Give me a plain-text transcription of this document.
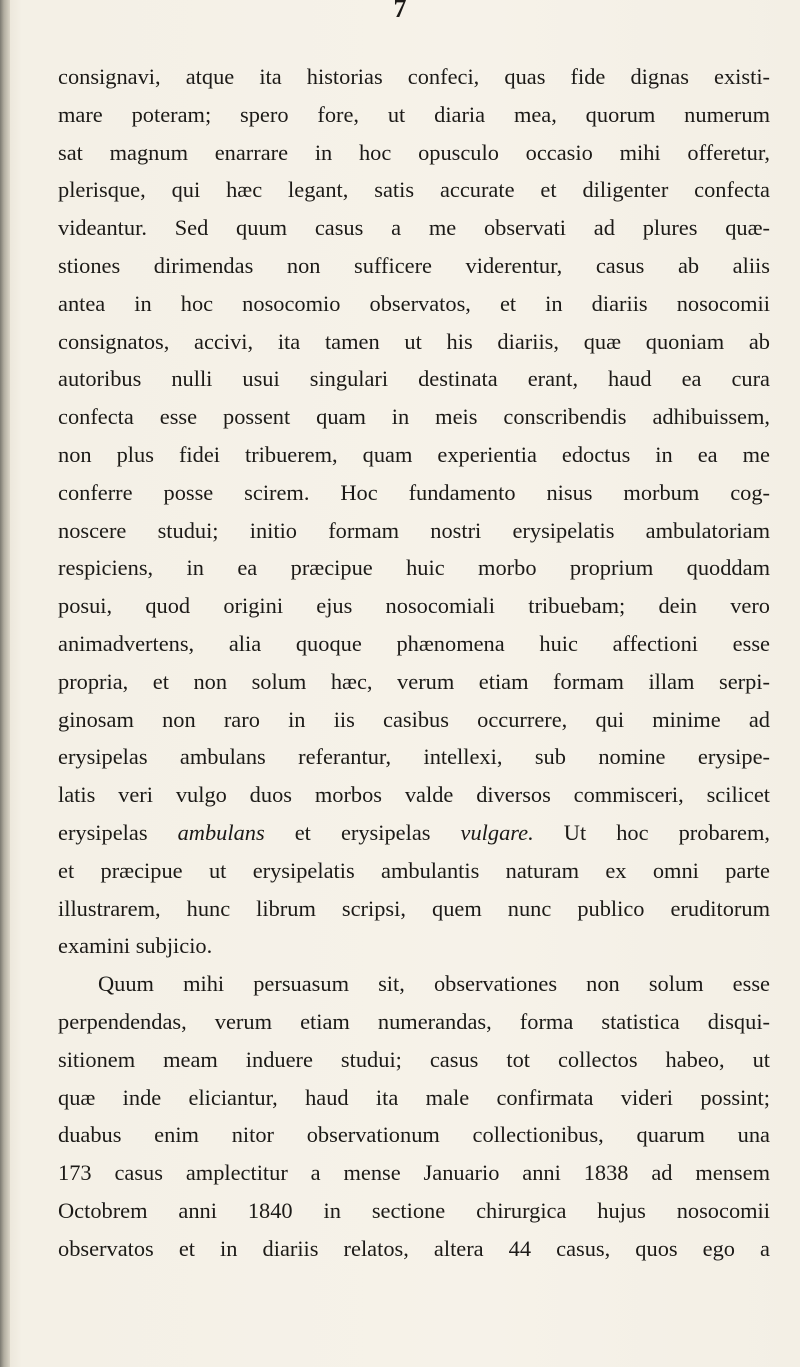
7
consignavi, atque ita historias confeci, quas fide dignas existi-
mare poteram; spero fore, ut diaria mea, quorum numerum
sat magnum enarrare in hoc opusculo occasio mihi offeretur,
plerisque, qui hæc legant, satis accurate et diligenter confecta
videantur. Sed quum casus a me observati ad plures quæ-
stiones dirimendas non sufficere viderentur, casus ab aliis
antea in hoc nosocomio observatos, et in diariis nosocomii
consignatos, accivi, ita tamen ut his diariis, quæ quoniam ab
autoribus nulli usui singulari destinata erant, haud ea cura
confecta esse possent quam in meis conscribendis adhibuissem,
non plus fidei tribuerem, quam experientia edoctus in ea me
conferre posse scirem. Hoc fundamento nisus morbum cog-
noscere studui; initio formam nostri erysipelatis ambulatoriam
respiciens, in ea præcipue huic morbo proprium quoddam
posui, quod origini ejus nosocomiali tribuebam; dein vero
animadvertens, alia quoque phænomena huic affectioni esse
propria, et non solum hæc, verum etiam formam illam serpi-
ginosam non raro in iis casibus occurrere, qui minime ad
erysipelas ambulans referantur, intellexi, sub nomine erysipe-
latis veri vulgo duos morbos valde diversos commisceri, scilicet
erysipelas ambulans et erysipelas vulgare. Ut hoc probarem,
et præcipue ut erysipelatis ambulantis naturam ex omni parte
illustrarem, hunc librum scripsi, quem nunc publico eruditorum
examini subjicio.
Quum mihi persuasum sit, observationes non solum esse
perpendendas, verum etiam numerandas, forma statistica disqui-
sitionem meam induere studui; casus tot collectos habeo, ut
quæ inde eliciantur, haud ita male confirmata videri possint;
duabus enim nitor observationum collectionibus, quarum una
173 casus amplectitur a mense Januario anni 1838 ad mensem
Octobrem anni 1840 in sectione chirurgica hujus nosocomii
observatos et in diariis relatos, altera 44 casus, quos ego a
